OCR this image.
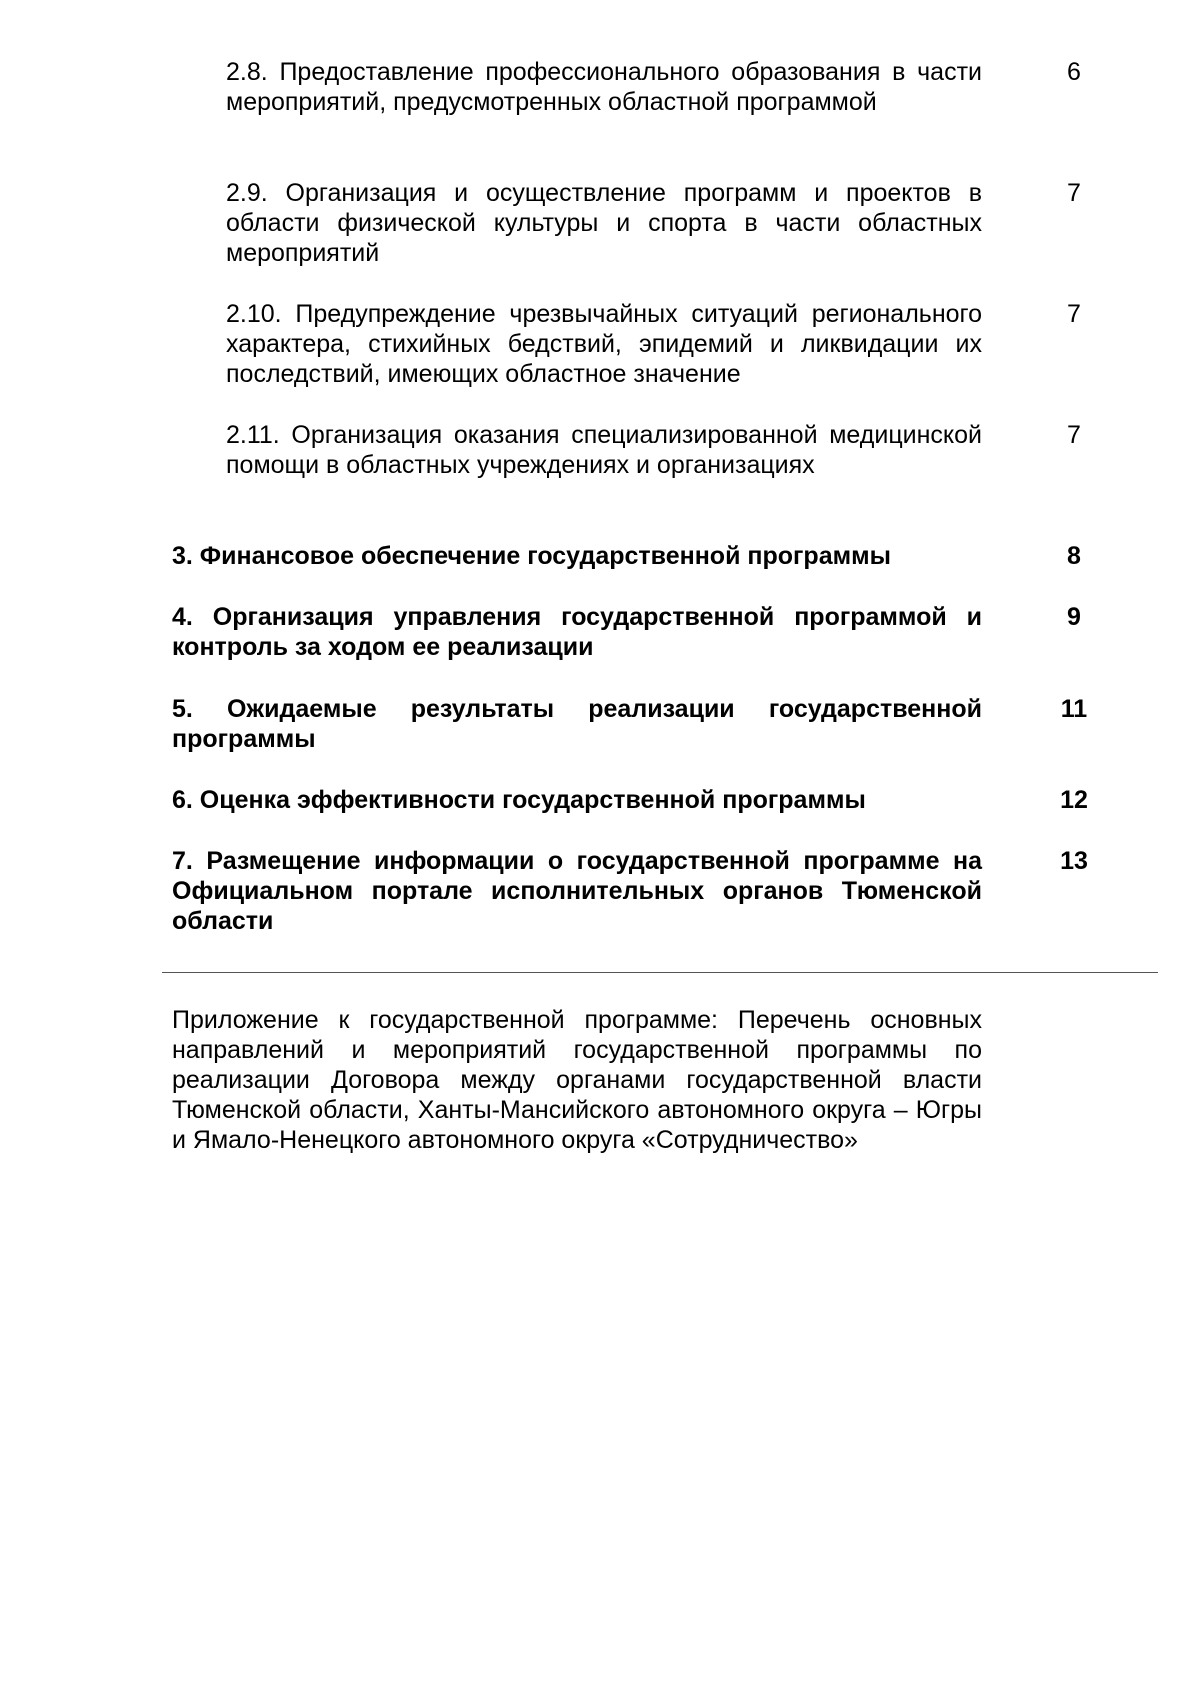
2.8. Предоставление профессионального образования в части мероприятий, предусмотренных областной программой

6

2.9. Организация и осуществление программ и проектов в области физической культуры и спорта в части областных мероприятий

7

2.10. Предупреждение чрезвычайных ситуаций регионального характера, стихийных бедствий, эпидемий и ликвидации их последствий, имеющих областное значение

7

2.11. Организация оказания специализированной медицинской помощи в областных учреждениях и организациях

7

3. Финансовое обеспечение государственной программы	8

4. Организация управления государственной программой и контроль за ходом ее реализации

9

5. Ожидаемые результаты реализации государственной программы

11

6. Оценка эффективности государственной программы	12

7. Размещение информации о государственной программе на Официальном портале исполнительных органов Тюменской области

13

Приложение к государственной программе: Перечень основных направлений и мероприятий государственной программы по реализации Договора между органами государственной власти Тюменской области, Ханты-Мансийского автономного округа – Югры и Ямало-Ненецкого автономного округа «Сотрудничество»
